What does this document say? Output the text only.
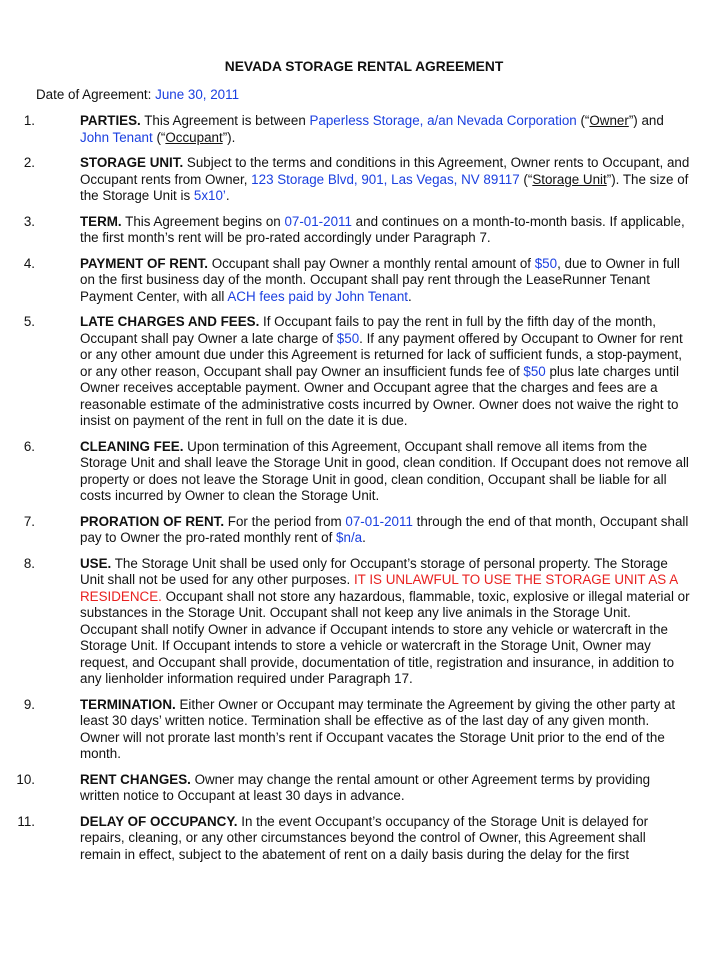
NEVADA STORAGE RENTAL AGREEMENT
Date of Agreement: June 30, 2011
1.	PARTIES. This Agreement is between Paperless Storage, a/an Nevada Corporation (“Owner”) and John Tenant (“Occupant”).
2.	STORAGE UNIT. Subject to the terms and conditions in this Agreement, Owner rents to Occupant, and Occupant rents from Owner, 123 Storage Blvd, 901, Las Vegas, NV 89117 (“Storage Unit”). The size of the Storage Unit is 5x10’.
3.	TERM. This Agreement begins on 07-01-2011 and continues on a month-to-month basis. If applicable, the first month’s rent will be pro-rated accordingly under Paragraph 7.
4.	PAYMENT OF RENT. Occupant shall pay Owner a monthly rental amount of $50, due to Owner in full on the first business day of the month. Occupant shall pay rent through the LeaseRunner Tenant Payment Center, with all ACH fees paid by John Tenant.
5.	LATE CHARGES AND FEES. If Occupant fails to pay the rent in full by the fifth day of the month, Occupant shall pay Owner a late charge of $50. If any payment offered by Occupant to Owner for rent or any other amount due under this Agreement is returned for lack of sufficient funds, a stop-payment, or any other reason, Occupant shall pay Owner an insufficient funds fee of $50 plus late charges until Owner receives acceptable payment. Owner and Occupant agree that the charges and fees are a reasonable estimate of the administrative costs incurred by Owner. Owner does not waive the right to insist on payment of the rent in full on the date it is due.
6.	CLEANING FEE. Upon termination of this Agreement, Occupant shall remove all items from the Storage Unit and shall leave the Storage Unit in good, clean condition. If Occupant does not remove all property or does not leave the Storage Unit in good, clean condition, Occupant shall be liable for all costs incurred by Owner to clean the Storage Unit.
7.	PRORATION OF RENT. For the period from 07-01-2011 through the end of that month, Occupant shall pay to Owner the pro-rated monthly rent of $n/a.
8.	USE. The Storage Unit shall be used only for Occupant’s storage of personal property. The Storage Unit shall not be used for any other purposes. IT IS UNLAWFUL TO USE THE STORAGE UNIT AS A RESIDENCE. Occupant shall not store any hazardous, flammable, toxic, explosive or illegal material or substances in the Storage Unit. Occupant shall not keep any live animals in the Storage Unit. Occupant shall notify Owner in advance if Occupant intends to store any vehicle or watercraft in the Storage Unit. If Occupant intends to store a vehicle or watercraft in the Storage Unit, Owner may request, and Occupant shall provide, documentation of title, registration and insurance, in addition to any lienholder information required under Paragraph 17.
9.	TERMINATION. Either Owner or Occupant may terminate the Agreement by giving the other party at least 30 days’ written notice. Termination shall be effective as of the last day of any given month. Owner will not prorate last month’s rent if Occupant vacates the Storage Unit prior to the end of the month.
10.	RENT CHANGES. Owner may change the rental amount or other Agreement terms by providing written notice to Occupant at least 30 days in advance.
11.	DELAY OF OCCUPANCY. In the event Occupant’s occupancy of the Storage Unit is delayed for repairs, cleaning, or any other circumstances beyond the control of Owner, this Agreement shall remain in effect, subject to the abatement of rent on a daily basis during the delay for the first
